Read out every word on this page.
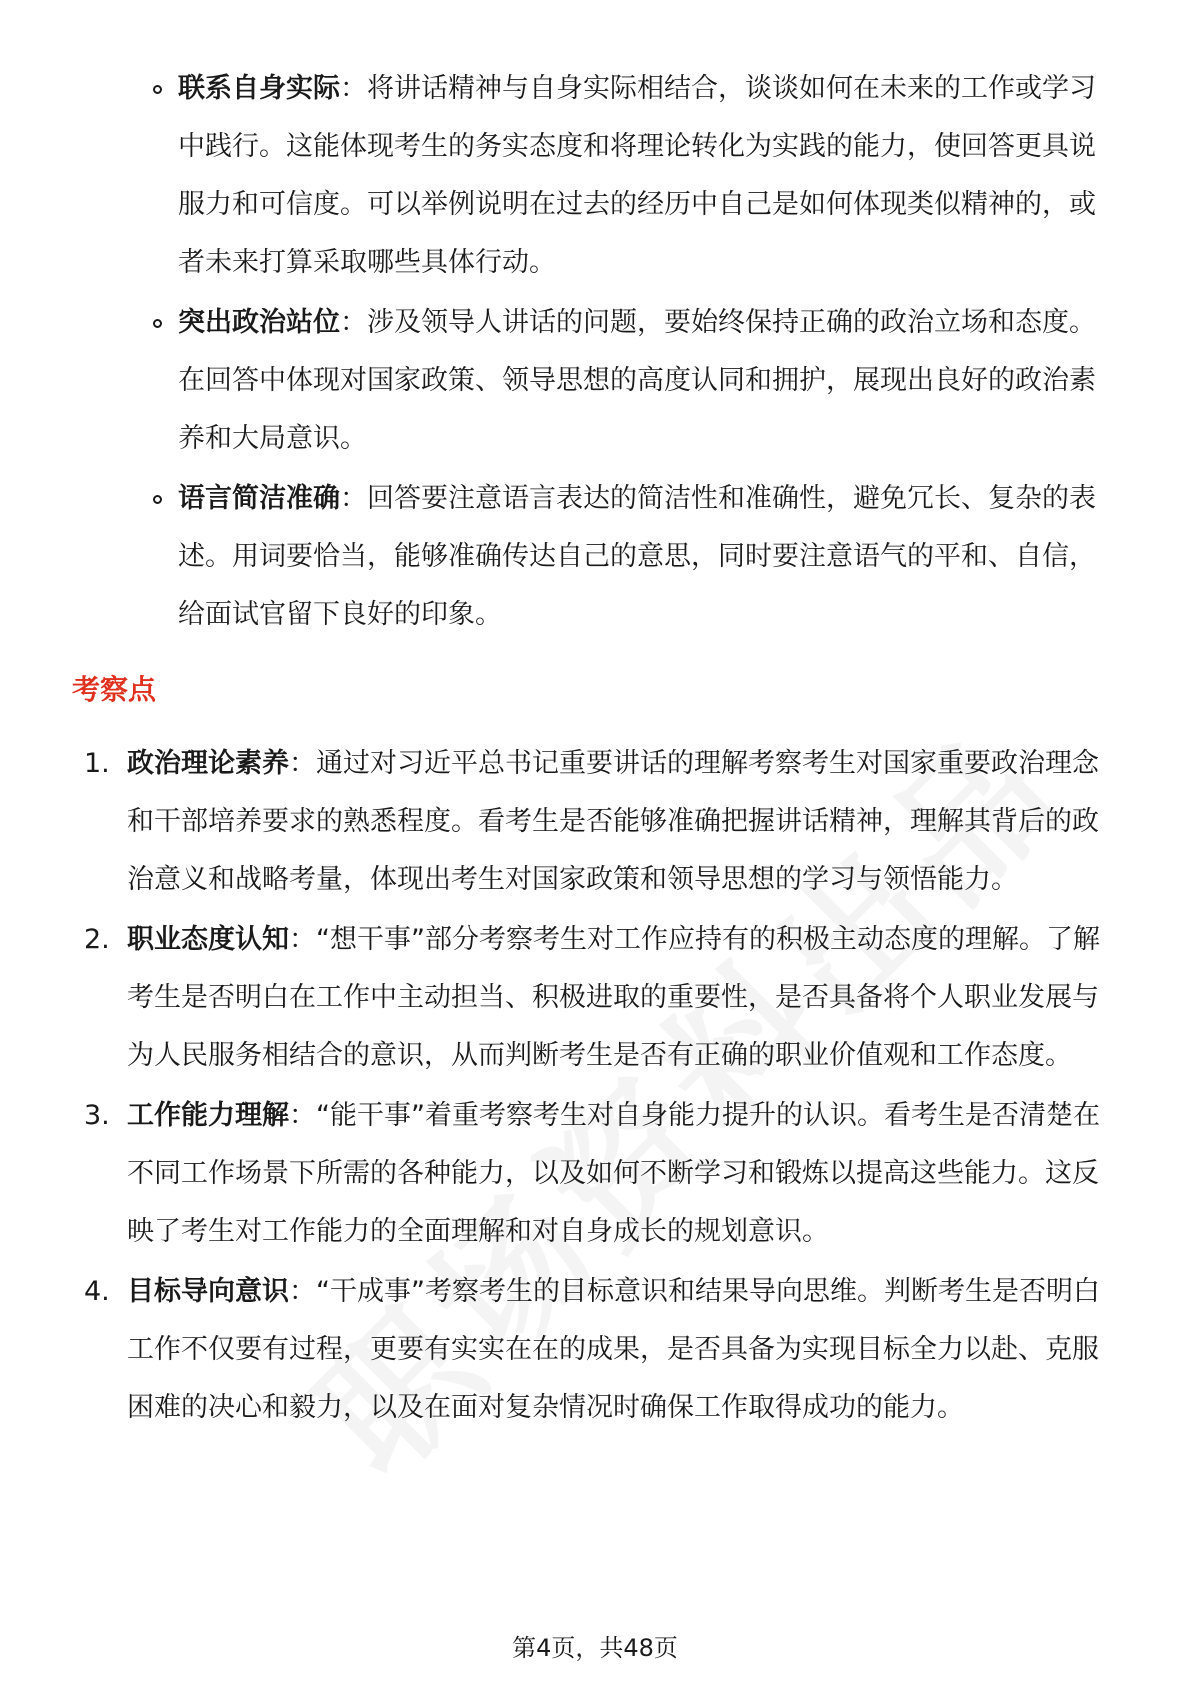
联系自身实际：将讲话精神与自身实际相结合，谈谈如何在未来的工作或学习中践行。这能体现考生的务实态度和将理论转化为实践的能力，使回答更具说服力和可信度。可以举例说明在过去的经历中自己是如何体现类似精神的，或者未来打算采取哪些具体行动。
突出政治站位：涉及领导人讲话的问题，要始终保持正确的政治立场和态度。在回答中体现对国家政策、领导思想的高度认同和拥护，展现出良好的政治素养和大局意识。
语言简洁准确：回答要注意语言表达的简洁性和准确性，避免冗长、复杂的表述。用词要恰当，能够准确传达自己的意思，同时要注意语气的平和、自信，给面试官留下良好的印象。
考察点
1. 政治理论素养：通过对习近平总书记重要讲话的理解考察考生对国家重要政治理念和干部培养要求的熟悉程度。看考生是否能够准确把握讲话精神，理解其背后的政治意义和战略考量，体现出考生对国家政策和领导思想的学习与领悟能力。
2. 职业态度认知：“想干事”部分考察考生对工作应持有的积极主动态度的理解。了解考生是否明白在工作中主动担当、积极进取的重要性，是否具备将个人职业发展与为人民服务相结合的意识，从而判断考生是否有正确的职业价值观和工作态度。
3. 工作能力理解：“能干事”着重考察考生对自身能力提升的认识。看考生是否清楚在不同工作场景下所需的各种能力，以及如何不断学习和锻炼以提高这些能力。这反映了考生对工作能力的全面理解和对自身成长的规划意识。
4. 目标导向意识：“干成事”考察考生的目标意识和结果导向思维。判断考生是否明白工作不仅要有过程，更要有实实在在的成果，是否具备为实现目标全力以赴、克服困难的决心和毅力，以及在面对复杂情况时确保工作取得成功的能力。
第4页，共48页
